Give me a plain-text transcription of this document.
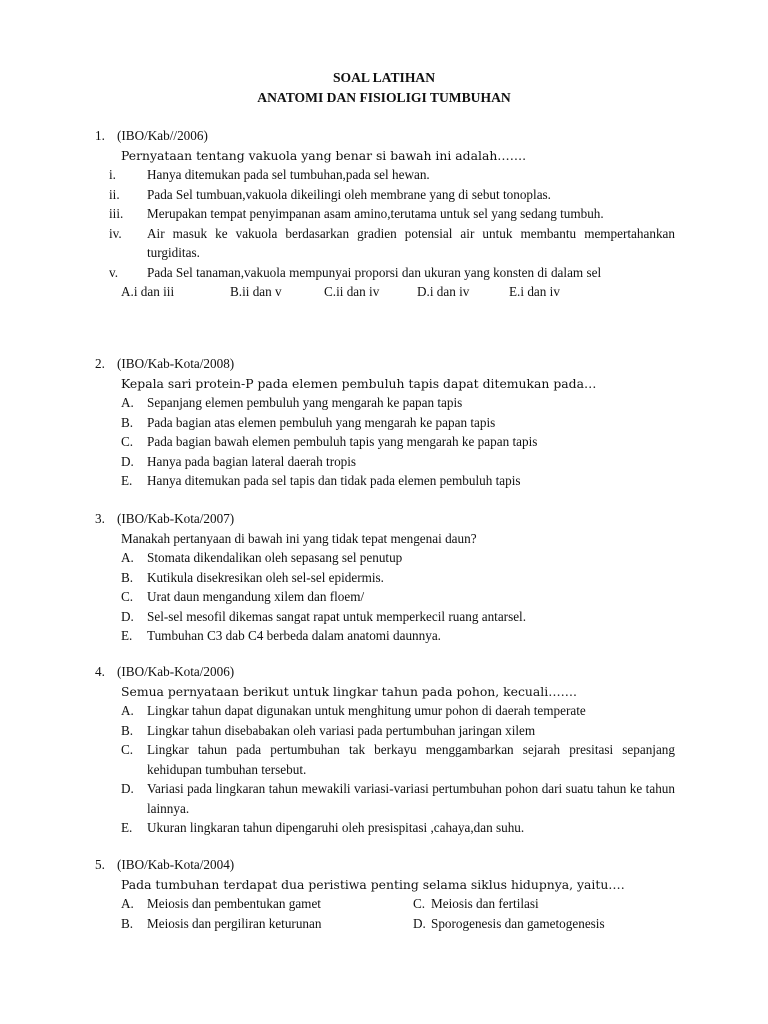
SOAL LATIHAN
ANATOMI DAN FISIOLIGI TUMBUHAN
1. (IBO/Kab//2006)
Pernyataan tentang vakuola yang benar si bawah ini adalah…….
i.	Hanya ditemukan pada sel tumbuhan,pada sel hewan.
ii.	Pada Sel tumbuan,vakuola dikeilingi oleh membrane yang di sebut tonoplas.
iii.	Merupakan tempat penyimpanan asam amino,terutama untuk sel yang sedang tumbuh.
iv.	Air masuk ke vakuola berdasarkan gradien potensial air untuk membantu mempertahankan turgiditas.
v.	Pada Sel tanaman,vakuola mempunyai proporsi dan ukuran yang konsten di dalam sel
A.i dan iii	B.ii dan v	C.ii dan iv	D.i dan iv	E.i dan iv
2. (IBO/Kab-Kota/2008)
Kepala sari protein-P pada elemen pembuluh tapis dapat ditemukan pada…
A. Sepanjang elemen pembuluh yang mengarah ke papan tapis
B. Pada bagian atas elemen pembuluh yang mengarah ke papan tapis
C. Pada bagian bawah elemen pembuluh tapis yang mengarah ke papan tapis
D. Hanya pada bagian lateral daerah tropis
E. Hanya ditemukan pada sel tapis dan tidak pada elemen pembuluh tapis
3. (IBO/Kab-Kota/2007)
Manakah pertanyaan di bawah ini yang tidak tepat mengenai daun?
A. Stomata dikendalikan oleh sepasang sel penutup
B. Kutikula disekresikan oleh sel-sel epidermis.
C. Urat daun mengandung xilem dan floem/
D. Sel-sel mesofil dikemas sangat rapat untuk memperkecil ruang antarsel.
E. Tumbuhan C3 dab C4 berbeda dalam anatomi daunnya.
4. (IBO/Kab-Kota/2006)
Semua pernyataan berikut untuk lingkar tahun pada pohon, kecuali…….
A. Lingkar tahun dapat digunakan untuk menghitung umur pohon di daerah temperate
B. Lingkar tahun disebabakan oleh variasi pada pertumbuhan jaringan xilem
C. Lingkar tahun pada pertumbuhan tak berkayu menggambarkan sejarah presitasi sepanjang kehidupan tumbuhan tersebut.
D. Variasi pada lingkaran tahun mewakili variasi-variasi pertumbuhan pohon dari suatu tahun ke tahun lainnya.
E. Ukuran lingkaran tahun dipengaruhi oleh presispitasi ,cahaya,dan suhu.
5. (IBO/Kab-Kota/2004)
Pada tumbuhan terdapat dua peristiwa penting selama siklus hidupnya, yaitu….
A. Meiosis dan pembentukan gamet	C. Meiosis dan fertilasi
B. Meiosis dan pergiliran keturunan	D. Sporogenesis dan gametogenesis
